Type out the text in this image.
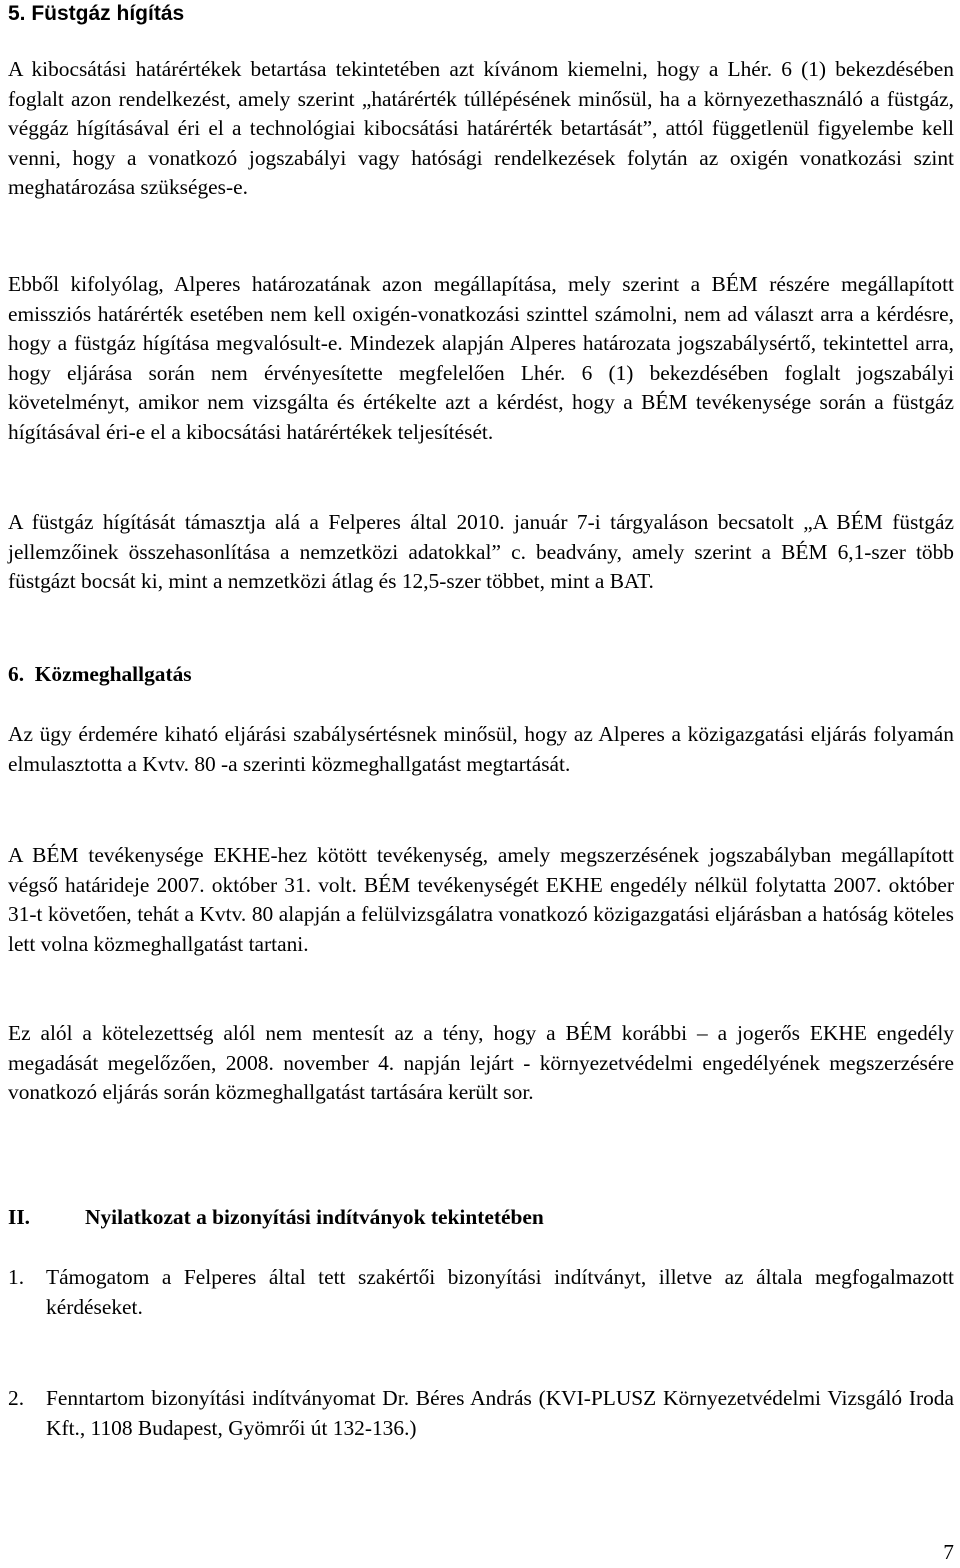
5. Füstgáz hígítás

A kibocsátási határértékek betartása tekintetében azt kívánom kiemelni, hogy a Lhér. 6 (1) bekezdésében foglalt azon rendelkezést, amely szerint „határérték túllépésének minősül, ha a környezethasználó a füstgáz, véggáz hígításával éri el a technológiai kibocsátási határérték betartását”, attól függetlenül figyelembe kell venni, hogy a vonatkozó jogszabályi vagy hatósági rendelkezések folytán az oxigén vonatkozási szint meghatározása szükséges-e.

Ebből kifolyólag, Alperes határozatának azon megállapítása, mely szerint a BÉM részére megállapított emissziós határérték esetében nem kell oxigén-vonatkozási szinttel számolni, nem ad választ arra a kérdésre, hogy a füstgáz hígítása megvalósult-e. Mindezek alapján Alperes határozata jogszabálysértő, tekintettel arra, hogy eljárása során nem érvényesítette megfelelően Lhér. 6 (1) bekezdésében foglalt jogszabályi követelményt, amikor nem vizsgálta és értékelte azt a kérdést, hogy a BÉM tevékenysége során a füstgáz hígításával éri-e el a kibocsátási határértékek teljesítését.

A füstgáz hígítását támasztja alá a Felperes által 2010. január 7-i tárgyaláson becsatolt „A BÉM füstgáz jellemzőinek összehasonlítása a nemzetközi adatokkal” c. beadvány, amely szerint a BÉM 6,1-szer több füstgázt bocsát ki, mint a nemzetközi átlag és 12,5-szer többet, mint a BAT.

6. Közmeghallgatás

Az ügy érdemére kiható eljárási szabálysértésnek minősül, hogy az Alperes a közigazgatási eljárás folyamán elmulasztotta a Kvtv. 80 -a szerinti közmeghallgatást megtartását.

A BÉM tevékenysége EKHE-hez kötött tevékenység, amely megszerzésének jogszabályban megállapított végső határideje 2007. október 31. volt. BÉM tevékenységét EKHE engedély nélkül folytatta 2007. október 31-t követően, tehát a Kvtv. 80 alapján a felülvizsgálatra vonatkozó közigazgatási eljárásban a hatóság köteles lett volna közmeghallgatást tartani.

Ez alól a kötelezettség alól nem mentesít az a tény, hogy a BÉM korábbi – a jogerős EKHE engedély megadását megelőzően, 2008. november 4. napján lejárt - környezetvédelmi engedélyének megszerzésére vonatkozó eljárás során közmeghallgatást tartására került sor.

II.	Nyilatkozat a bizonyítási indítványok tekintetében
1. Támogatom a Felperes által tett szakértői bizonyítási indítványt, illetve az általa megfogalmazott kérdéseket.

2. Fenntartom bizonyítási indítványomat Dr. Béres András (KVI-PLUSZ Környezetvédelmi Vizsgáló Iroda Kft., 1108 Budapest, Gyömrői út 132-136.)

7
